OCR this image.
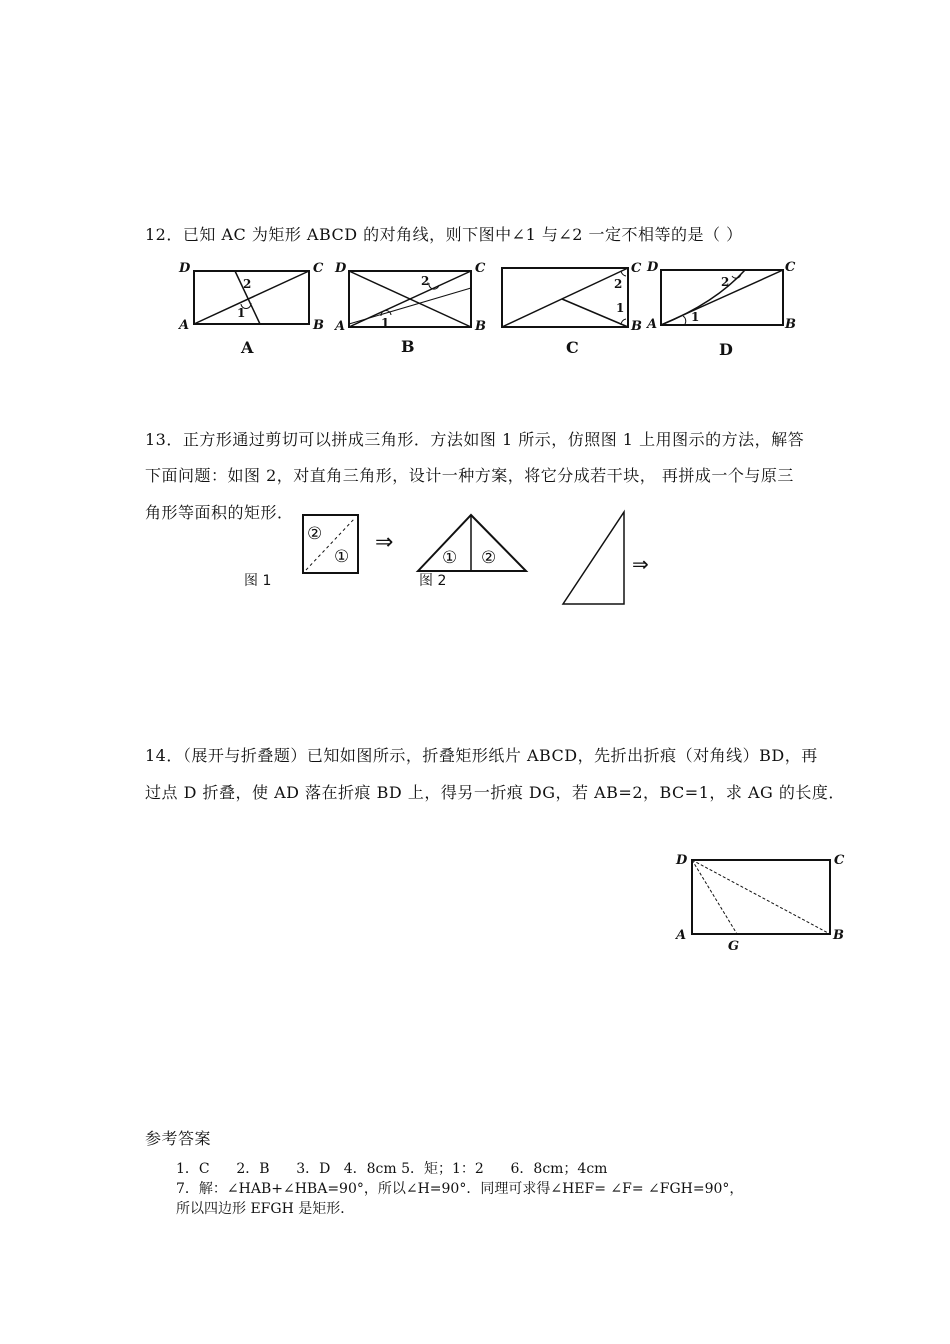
12．已知 AC 为矩形 ABCD 的对角线，则下图中∠1 与∠2 一定不相等的是（ ）
D	C
A	B
2
1
A
D	C
A	B
2
1
B
C
B
2
1
C
D	C
A	B
2
1
D
13．正方形通过剪切可以拼成三角形．方法如图 1 所示，仿照图 1 上用图示的方法，解答
下面问题：如图 2，对直角三角形，设计一种方案，将它分成若干块， 再拼成一个与原三
角形等面积的矩形．
②
①
⇒
① ②
图 1	图 2
⇒
14．（展开与折叠题）已知如图所示，折叠矩形纸片 ABCD，先折出折痕（对角线）BD，再
过点 D 折叠，使 AD 落在折痕 BD 上，得另一折痕 DG，若 AB=2，BC=1，求 AG 的长度．
D	C
A	B
G
参考答案
1．C      2．B      3．D   4．8cm 5．矩；1：2      6．8cm；4cm
7．解：∠HAB+∠HBA=90°，所以∠H=90°．同理可求得∠HEF= ∠F= ∠FGH=90°，
所以四边形 EFGH 是矩形．
